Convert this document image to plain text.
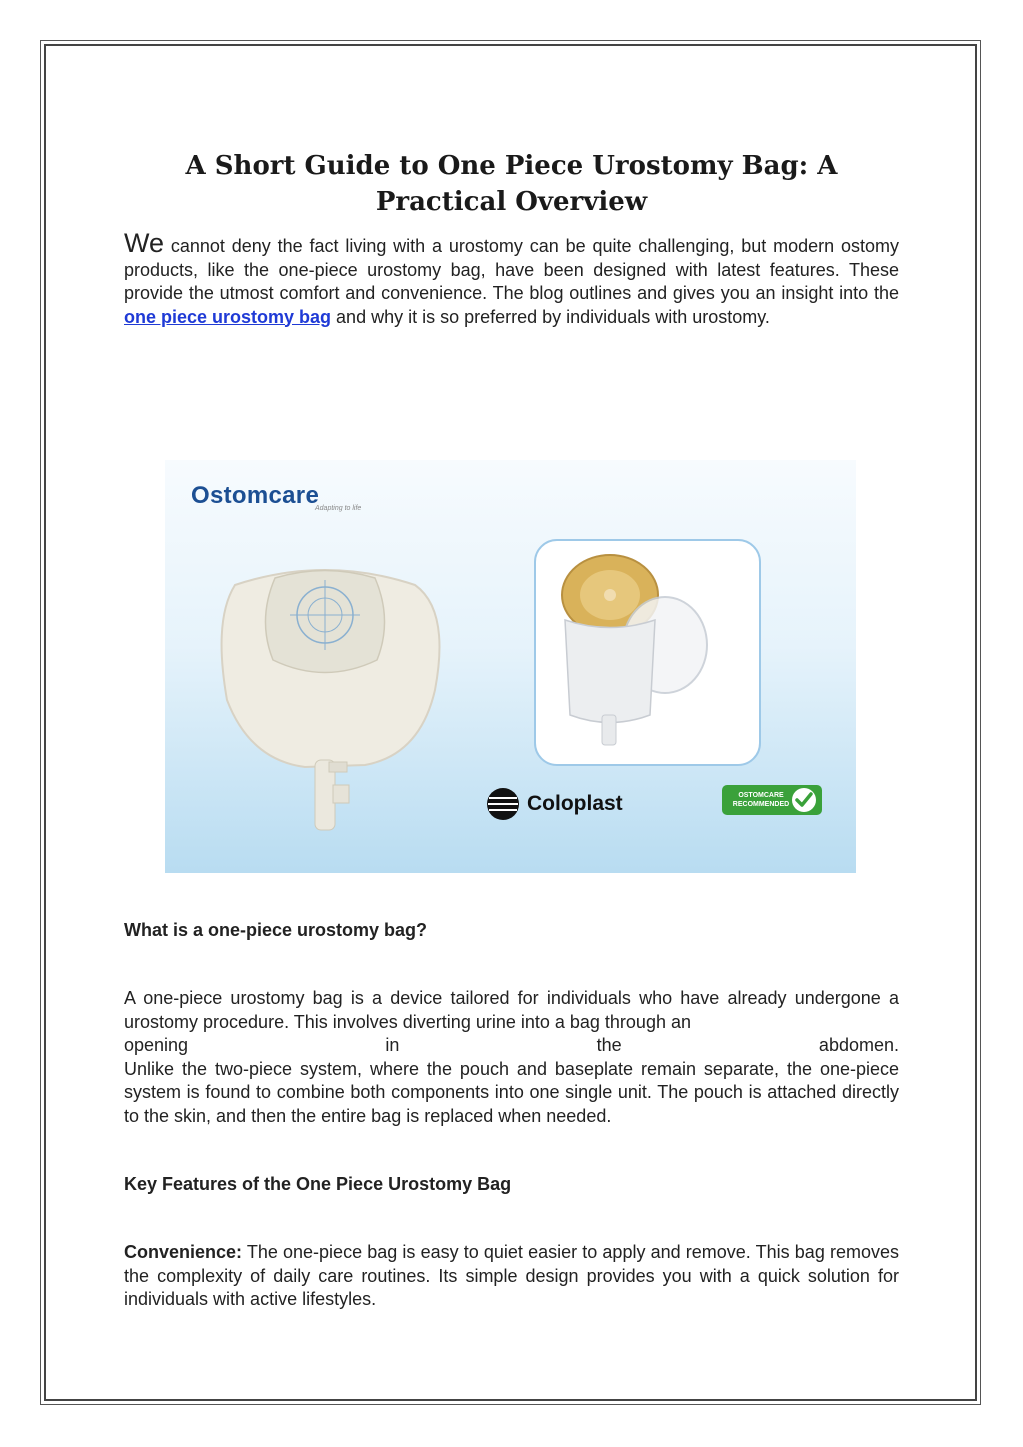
A Short Guide to One Piece Urostomy Bag: A Practical Overview

We cannot deny the fact living with a urostomy can be quite challenging, but modern ostomy products, like the one-piece urostomy bag, have been designed with latest features. These provide the utmost comfort and convenience. The blog outlines and gives you an insight into the one piece urostomy bag and why it is so preferred by individuals with urostomy.

Ostomcare
Adapting to life
Coloplast	OSTOMCARE
RECOMMENDED
What is a one-piece urostomy bag?

A one-piece urostomy bag is a device tailored for individuals who have already undergone a urostomy procedure. This involves diverting urine into a bag through an
opening in the abdomen.
Unlike the two-piece system, where the pouch and baseplate remain separate, the one-piece system is found to combine both components into one single unit. The pouch is attached directly to the skin, and then the entire bag is replaced when needed.

Key Features of the One Piece Urostomy Bag

Convenience: The one-piece bag is easy to quiet easier to apply and remove. This bag removes the complexity of daily care routines. Its simple design provides you with a quick solution for individuals with active lifestyles.
